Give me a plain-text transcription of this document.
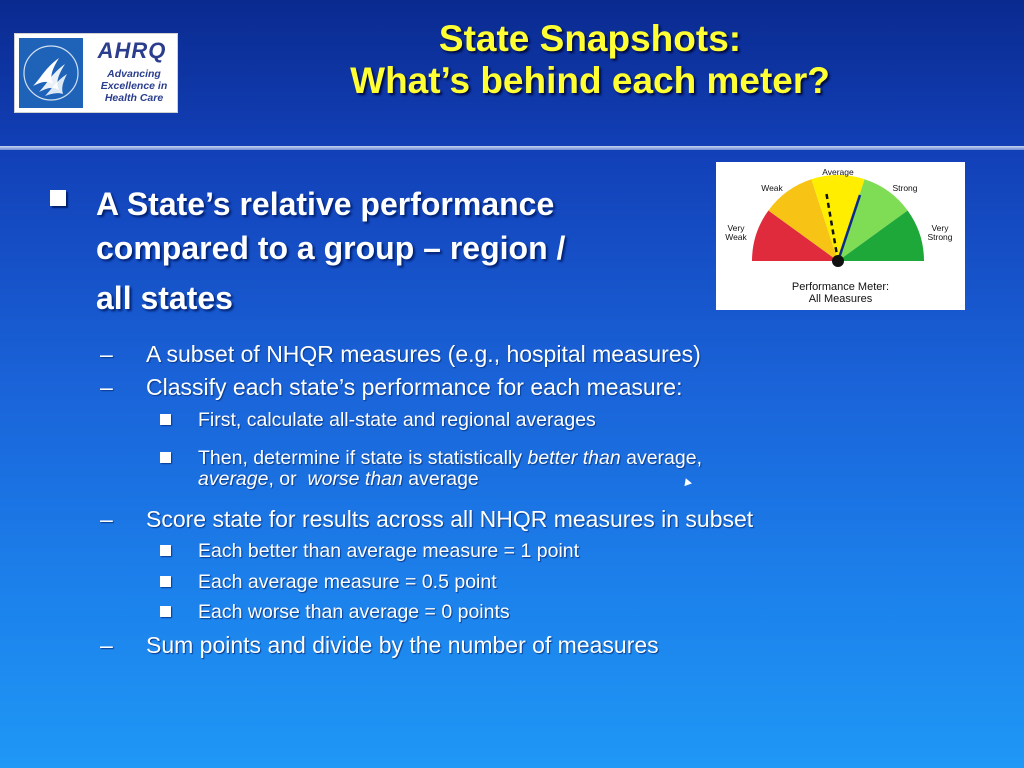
AHRQ
Advancing
Excellence in
Health Care
State Snapshots:
What’s behind each meter?
Average
Weak	Strong
Very
Weak
Very
Strong
Performance Meter:
All Measures
A State’s relative performance
compared to a group – region /
all states
– A subset of NHQR measures (e.g., hospital measures)
– Classify each state’s performance for each measure:
First, calculate all-state and regional averages
Then, determine if state is statistically better than average,
average, or  worse than average
– Score state for results across all NHQR measures in subset
Each better than average measure = 1 point
Each average measure = 0.5 point
Each worse than average = 0 points
– Sum points and divide by the number of measures
